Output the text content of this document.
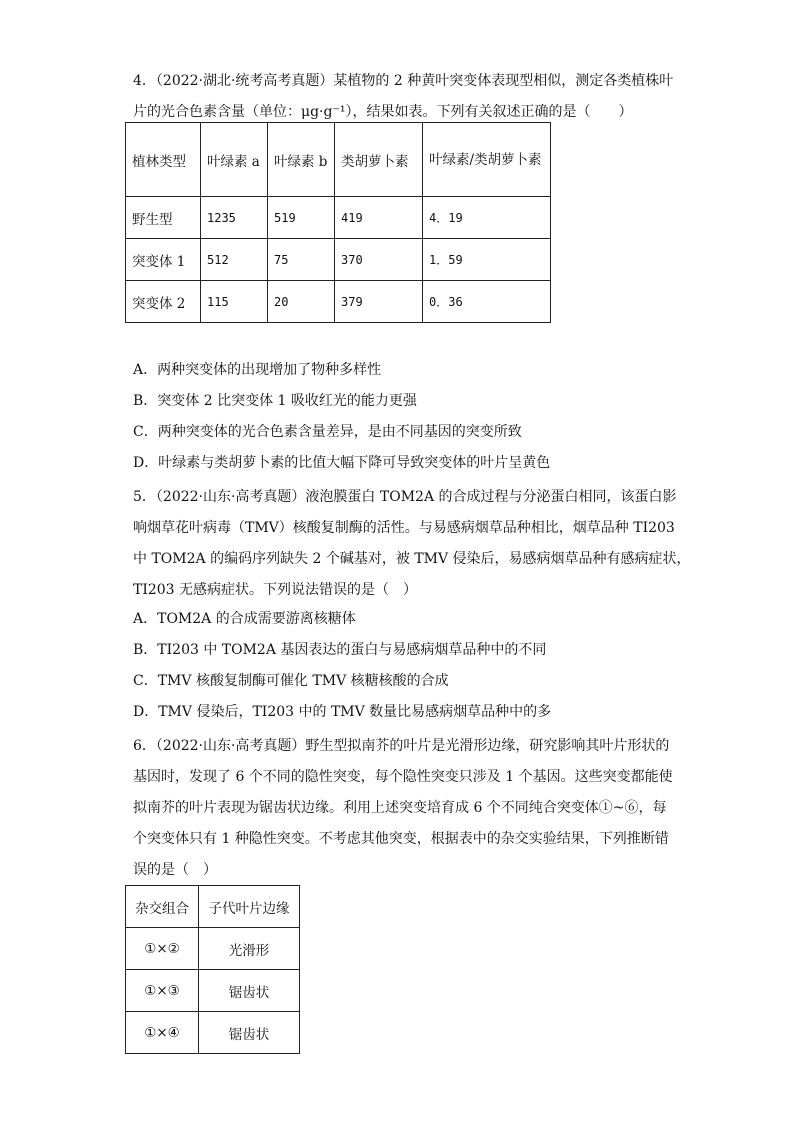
4．（2022·湖北·统考高考真题）某植物的 2 种黄叶突变体表现型相似，测定各类植株叶
片的光合色素含量（单位：μg·g⁻¹），结果如表。下列有关叙述正确的是（　　）

植林类型	叶绿素 a	叶绿素 b	类胡萝卜素	叶绿素/类胡萝卜素
野生型	1235	519	419	4．19
突变体 1	512	75	370	1．59
突变体 2	115	20	379	0．36
A．两种突变体的出现增加了物种多样性
B．突变体 2 比突变体 1 吸收红光的能力更强
C．两种突变体的光合色素含量差异，是由不同基因的突变所致
D．叶绿素与类胡萝卜素的比值大幅下降可导致突变体的叶片呈黄色

5．（2022·山东·高考真题）液泡膜蛋白 TOM2A 的合成过程与分泌蛋白相同，该蛋白影
响烟草花叶病毒（TMV）核酸复制酶的活性。与易感病烟草品种相比，烟草品种 TI203
中 TOM2A 的编码序列缺失 2 个碱基对，被 TMV 侵染后，易感病烟草品种有感病症状，
TI203 无感病症状。下列说法错误的是（　）

A．TOM2A 的合成需要游离核糖体
B．TI203 中 TOM2A 基因表达的蛋白与易感病烟草品种中的不同
C．TMV 核酸复制酶可催化 TMV 核糖核酸的合成
D．TMV 侵染后，TI203 中的 TMV 数量比易感病烟草品种中的多

6．（2022·山东·高考真题）野生型拟南芥的叶片是光滑形边缘，研究影响其叶片形状的
基因时，发现了 6 个不同的隐性突变，每个隐性突变只涉及 1 个基因。这些突变都能使
拟南芥的叶片表现为锯齿状边缘。利用上述突变培育成 6 个不同纯合突变体①~⑥，每
个突变体只有 1 种隐性突变。不考虑其他突变，根据表中的杂交实验结果，下列推断错
误的是（　）

杂交组合	子代叶片边缘
①×②	光滑形
①×③	锯齿状
①×④	锯齿状
